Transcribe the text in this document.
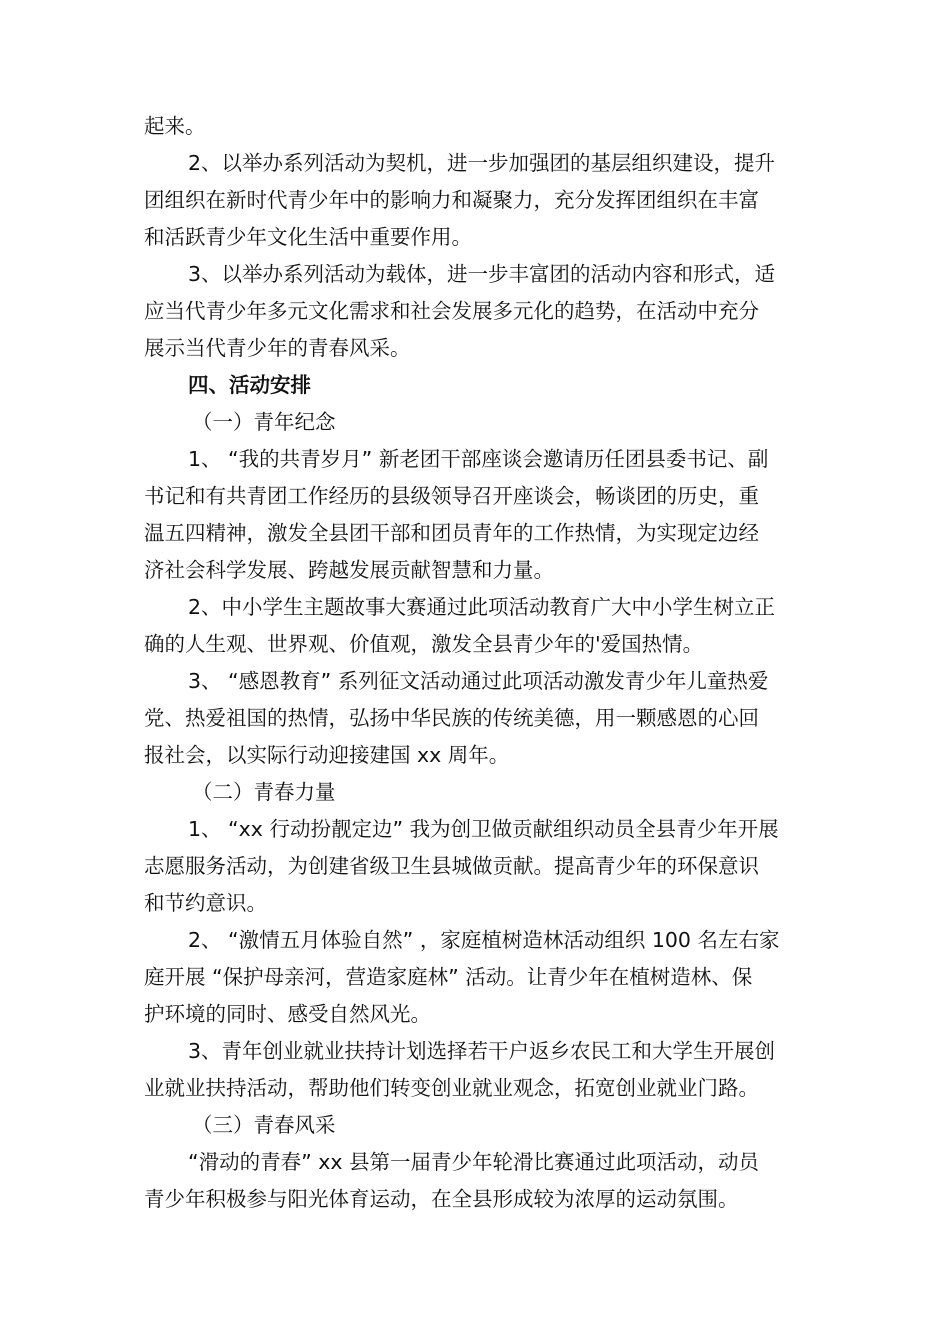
起来。
2、以举办系列活动为契机，进一步加强团的基层组织建设，提升
团组织在新时代青少年中的影响力和凝聚力，充分发挥团组织在丰富
和活跃青少年文化生活中重要作用。
3、以举办系列活动为载体，进一步丰富团的活动内容和形式，适
应当代青少年多元文化需求和社会发展多元化的趋势，在活动中充分
展示当代青少年的青春风采。
四、活动安排
（一）青年纪念
1、 “我的共青岁月” 新老团干部座谈会邀请历任团县委书记、副
书记和有共青团工作经历的县级领导召开座谈会，畅谈团的历史，重
温五四精神，激发全县团干部和团员青年的工作热情，为实现定边经
济社会科学发展、跨越发展贡献智慧和力量。
2、中小学生主题故事大赛通过此项活动教育广大中小学生树立正
确的人生观、世界观、价值观，激发全县青少年的'爱国热情。
3、 “感恩教育” 系列征文活动通过此项活动激发青少年儿童热爱
党、热爱祖国的热情，弘扬中华民族的传统美德，用一颗感恩的心回
报社会，以实际行动迎接建国 xx 周年。
（二）青春力量
1、 “xx 行动扮靓定边” 我为创卫做贡献组织动员全县青少年开展
志愿服务活动，为创建省级卫生县城做贡献。提高青少年的环保意识
和节约意识。
2、 “激情五月体验自然” ，家庭植树造林活动组织 100 名左右家
庭开展 “保护母亲河，营造家庭林” 活动。让青少年在植树造林、保
护环境的同时、感受自然风光。
3、青年创业就业扶持计划选择若干户返乡农民工和大学生开展创
业就业扶持活动，帮助他们转变创业就业观念，拓宽创业就业门路。
（三）青春风采
“滑动的青春” xx 县第一届青少年轮滑比赛通过此项活动，动员
青少年积极参与阳光体育运动，在全县形成较为浓厚的运动氛围。
